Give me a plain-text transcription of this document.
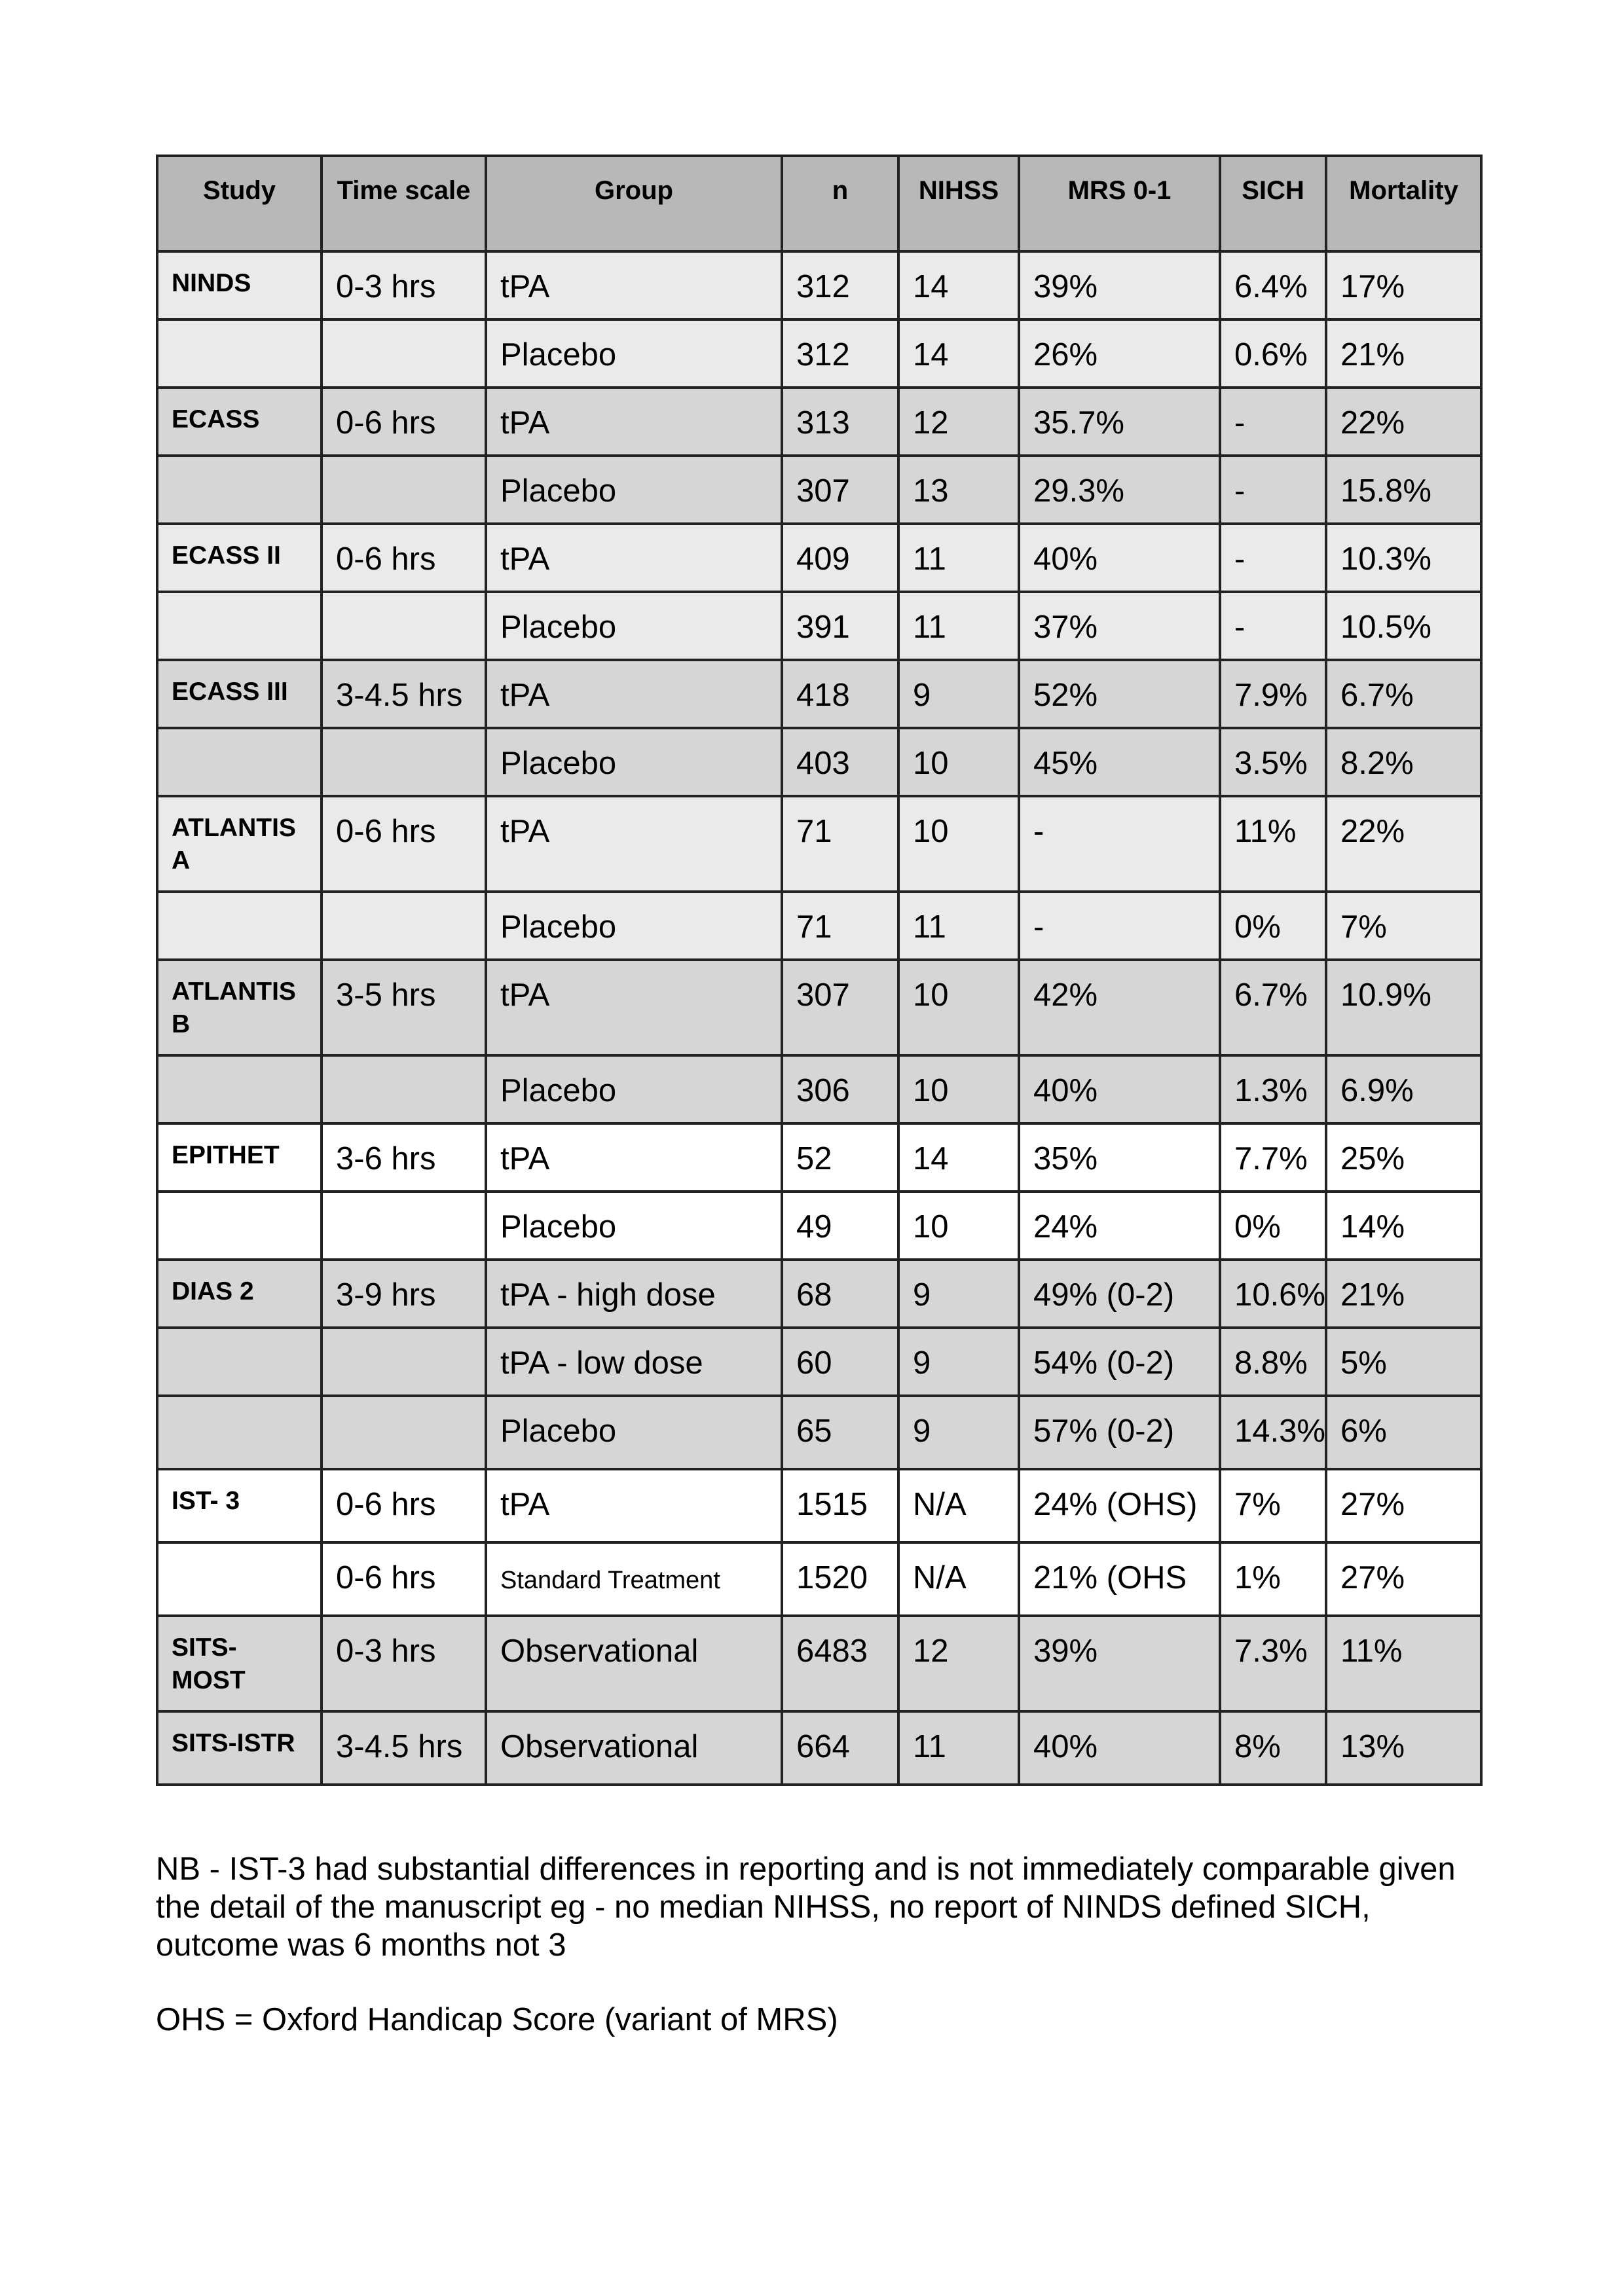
Study	Time scale	Group	n	NIHSS	MRS 0-1	SICH	Mortality
NINDS	0-3 hrs	tPA	312	14	39%	6.4%	17%
		Placebo	312	14	26%	0.6%	21%
ECASS	0-6 hrs	tPA	313	12	35.7%	-	22%
		Placebo	307	13	29.3%	-	15.8%
ECASS II	0-6 hrs	tPA	409	11	40%	-	10.3%
		Placebo	391	11	37%	-	10.5%
ECASS III	3-4.5 hrs	tPA	418	9	52%	7.9%	6.7%
		Placebo	403	10	45%	3.5%	8.2%
ATLANTIS A	0-6 hrs	tPA	71	10	-	11%	22%
		Placebo	71	11	-	0%	7%
ATLANTIS B	3-5 hrs	tPA	307	10	42%	6.7%	10.9%
		Placebo	306	10	40%	1.3%	6.9%
EPITHET	3-6 hrs	tPA	52	14	35%	7.7%	25%
		Placebo	49	10	24%	0%	14%
DIAS 2	3-9 hrs	tPA - high dose	68	9	49% (0-2)	10.6%	21%
		tPA - low dose	60	9	54% (0-2)	8.8%	5%
		Placebo	65	9	57% (0-2)	14.3%	6%
IST- 3	0-6 hrs	tPA	1515	N/A	24% (OHS)	7%	27%
	0-6 hrs	Standard Treatment	1520	N/A	21% (OHS	1%	27%
SITS-MOST	0-3 hrs	Observational	6483	12	39%	7.3%	11%
SITS-ISTR	3-4.5 hrs	Observational	664	11	40%	8%	13%
NB - IST-3 had substantial differences in reporting and is not immediately comparable given the detail of the manuscript eg - no median NIHSS, no report of NINDS defined SICH, outcome was 6 months not 3
OHS = Oxford Handicap Score (variant of MRS)
